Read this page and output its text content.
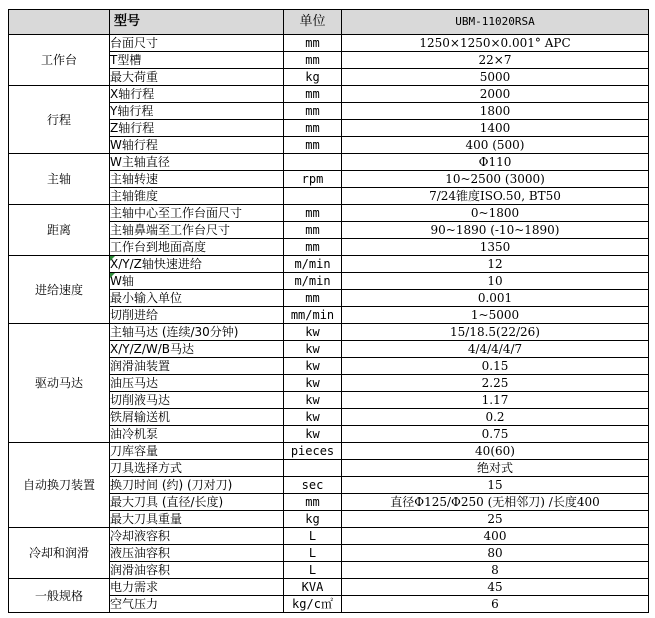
	型号	单位	UBM-11020RSA
工作台	台面尺寸	mm	1250×1250×0.001° APC
	T型槽	mm	22×7
	最大荷重	kg	5000
行程	X轴行程	mm	2000
	Y轴行程	mm	1800
	Z轴行程	mm	1400
	W轴行程	mm	400 (500)
主轴	W主轴直径		Φ110
	主轴转速	rpm	10~2500 (3000)
	主轴锥度		7/24锥度ISO.50, BT50
距离	主轴中心至工作台面尺寸	mm	0~1800
	主轴鼻端至工作台尺寸	mm	90~1890 (-10~1890)
	工作台到地面高度	mm	1350
进给速度	X/Y/Z轴快速进给	m/min	12
	W轴	m/min	10
	最小输入单位	mm	0.001
	切削进给	mm/min	1~5000
驱动马达	主轴马达 (连续/30分钟)	kw	15/18.5(22/26)
	X/Y/Z/W/B马达	kw	4/4/4/4/7
	润滑油装置	kw	0.15
	油压马达	kw	2.25
	切削液马达	kw	1.17
	铁屑输送机	kw	0.2
	油冷机泵	kw	0.75
自动换刀装置	刀库容量	pieces	40(60)
	刀具选择方式		绝对式
	换刀时间 (约) (刀对刀)	sec	15
	最大刀具 (直径/长度)	mm	直径Φ125/Φ250 (无相邻刀) /长度400
	最大刀具重量	kg	25
冷却和润滑	冷却液容积	L	400
	液压油容积	L	80
	润滑油容积	L	8
一般规格	电力需求	KVA	45
	空气压力	kg/c㎡	6
